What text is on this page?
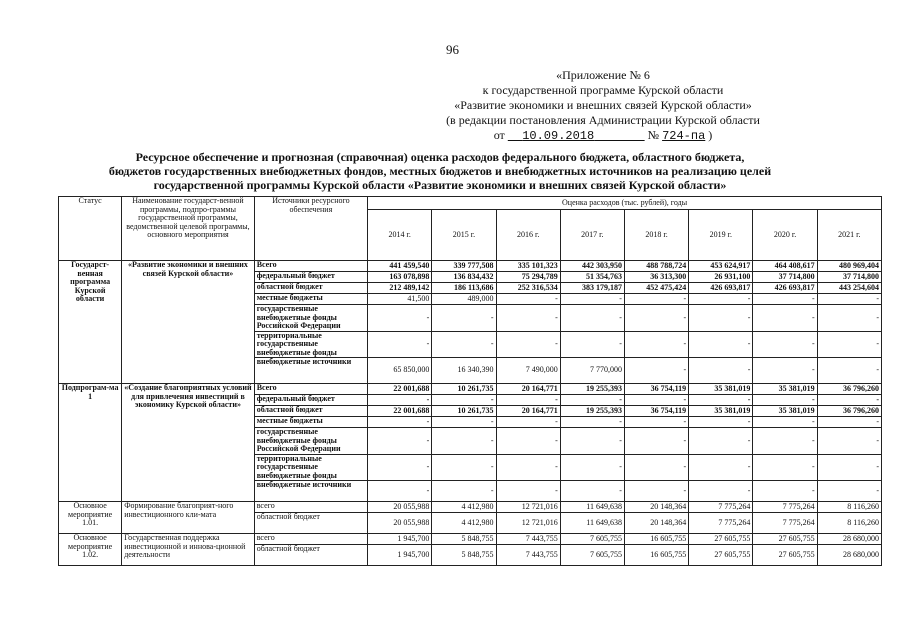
96
«Приложение № 6
к государственной программе Курской области
«Развитие экономики и внешних связей Курской области»
(в редакции постановления Администрации Курской области
от 10.09.2018	№ 724-па )
Ресурсное обеспечение и прогнозная (справочная) оценка расходов федерального бюджета, областного бюджета,
бюджетов государственных внебюджетных фондов, местных бюджетов и внебюджетных источников на реализацию целей
государственной программы Курской области «Развитие экономики и внешних связей Курской области»
Статус	Наименование государст-венной программы, подпро-граммы государственной программы, ведомственной целевой программы, основного мероприятия	Источники ресурсного обеспечения	Оценка расходов (тыс. рублей), годы							
			2014 г.	2015 г.	2016 г.	2017 г.	2018 г.	2019 г.	2020 г.	2021 г.
Государст-венная программа Курской области	«Развитие экономики и внешних связей Курской области»	Всего	441 459,540	339 777,508	335 101,323	442 303,950	488 788,724	453 624,917	464 408,617	480 969,404
		федеральный бюджет	163 078,898	136 834,432	75 294,789	51 354,763	36 313,300	26 931,100	37 714,800	37 714,800
		областной бюджет	212 489,142	186 113,686	252 316,534	383 179,187	452 475,424	426 693,817	426 693,817	443 254,604
		местные бюджеты	41,500	489,000	-	-	-	-	-	-
		государственные внебюджетные фонды Российской Федерации	-	-	-	-	-	-	-	-
		территориальные государственные внебюджетные фонды	-	-	-	-	-	-	-	-
		внебюджетные источники	65 850,000	16 340,390	7 490,000	7 770,000	-	-	-	-
Подпрограм-ма 1	«Создание благоприятных условий для привлечения инвестиций в экономику Курской области»	Всего	22 001,688	10 261,735	20 164,771	19 255,393	36 754,119	35 381,019	35 381,019	36 796,260
		федеральный бюджет	-	-	-	-	-	-	-	-
		областной бюджет	22 001,688	10 261,735	20 164,771	19 255,393	36 754,119	35 381,019	35 381,019	36 796,260
		местные бюджеты	-	-	-	-	-	-	-	-
		государственные внебюджетные фонды Российской Федерации	-	-	-	-	-	-	-	-
		территориальные государственные внебюджетные фонды	-	-	-	-	-	-	-	-
		внебюджетные источники	-	-	-	-	-	-	-	-
Основное мероприятие 1.01.	Формирование благоприят-ного инвестиционного кли-мата	всего	20 055,988	4 412,980	12 721,016	11 649,638	20 148,364	7 775,264	7 775,264	8 116,260
		областной бюджет	20 055,988	4 412,980	12 721,016	11 649,638	20 148,364	7 775,264	7 775,264	8 116,260
Основное мероприятие 1.02.	Государственная поддержка инвестиционной и иннова-ционной деятельности	всего	1 945,700	5 848,755	7 443,755	7 605,755	16 605,755	27 605,755	27 605,755	28 680,000
		областной бюджет	1 945,700	5 848,755	7 443,755	7 605,755	16 605,755	27 605,755	27 605,755	28 680,000
